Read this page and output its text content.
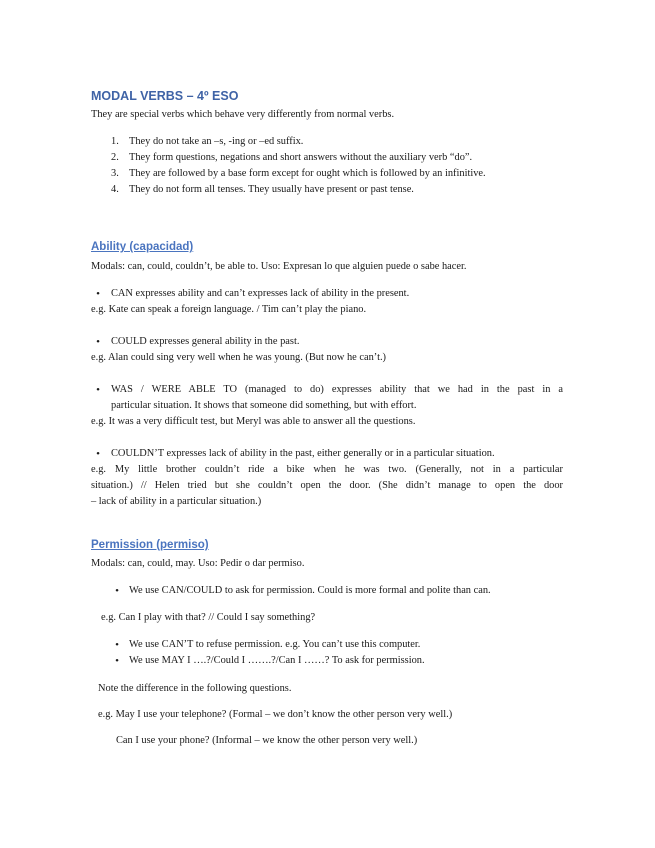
MODAL VERBS – 4º ESO
They are special verbs which behave very differently from normal verbs.
1. They do not take an –s, -ing or –ed suffix.
2. They form questions, negations and short answers without the auxiliary verb “do”.
3. They are followed by a base form except for ought which is followed by an infinitive.
4. They do not form all tenses. They usually have present or past tense.
Ability (capacidad)
Modals: can, could, couldn’t, be able to. Uso: Expresan lo que alguien puede o sabe hacer.
•	CAN expresses ability and can’t expresses lack of ability in the present.
e.g. Kate can speak a foreign language. / Tim can’t play the piano.
•	COULD expresses general ability in the past.
e.g. Alan could sing very well when he was young. (But now he can’t.)
•	WAS / WERE ABLE TO (managed to do) expresses ability that we had in the past in a
particular situation. It shows that someone did something, but with effort.
e.g. It was a very difficult test, but Meryl was able to answer all the questions.
•	COULDN’T expresses lack of ability in the past, either generally or in a particular situation.
e.g. My little brother couldn’t ride a bike when he was two. (Generally, not in a particular
situation.) // Helen tried but she couldn’t open the door. (She didn’t manage to open the door
– lack of ability in a particular situation.)
Permission (permiso)
Modals: can, could, may. Uso: Pedir o dar permiso.
• We use CAN/COULD to ask for permission. Could is more formal and polite than can.
e.g. Can I play with that? // Could I say something?
• We use CAN’T to refuse permission. e.g. You can’t use this computer.
• We use MAY I ….?/Could I …….?/Can I ……? To ask for permission.
Note the difference in the following questions.
e.g. May I use your telephone? (Formal – we don’t know the other person very well.)
Can I use your phone? (Informal – we know the other person very well.)
